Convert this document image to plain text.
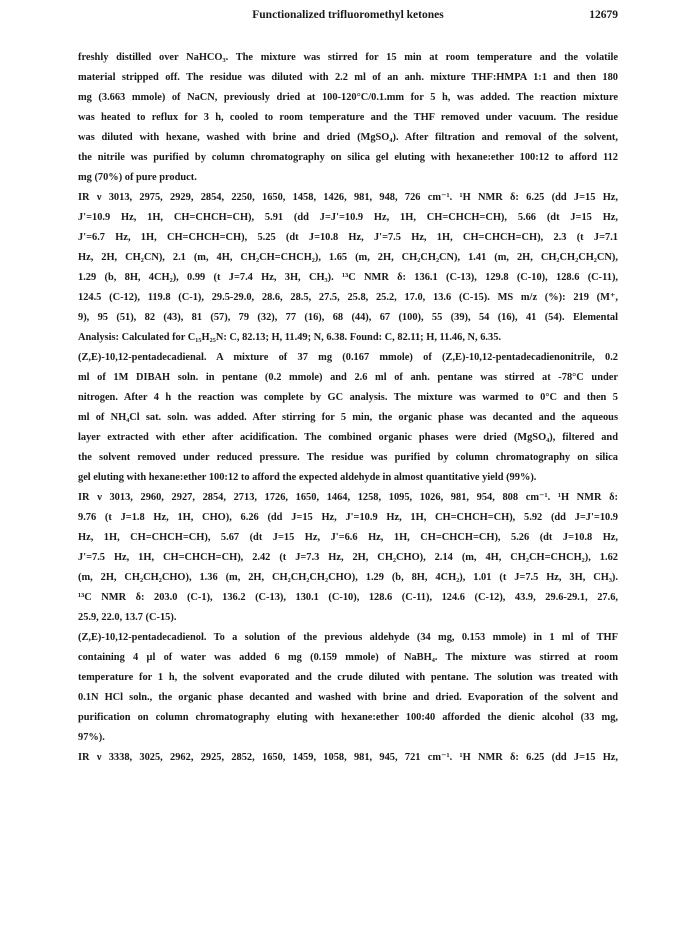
Functionalized trifluoromethyl ketones	12679
freshly distilled over NaHCO₃. The mixture was stirred for 15 min at room temperature and the volatile
material stripped off. The residue was diluted with 2.2 ml of an anh. mixture THF:HMPA 1:1 and then 180
mg (3.663 mmole) of NaCN, previously dried at 100-120°C/0.1.mm for 5 h, was added. The reaction mixture
was heated to reflux for 3 h, cooled to room temperature and the THF removed under vacuum. The residue
was diluted with hexane, washed with brine and dried (MgSO₄). After filtration and removal of the solvent,
the nitrile was purified by column chromatography on silica gel eluting with hexane:ether 100:12 to afford 112
mg (70%) of pure product.
IR ν 3013, 2975, 2929, 2854, 2250, 1650, 1458, 1426, 981, 948, 726 cm⁻¹. ¹H NMR δ: 6.25 (dd J=15 Hz,
J'=10.9 Hz, 1H, CH=CHCH=CH), 5.91 (dd J=J'=10.9 Hz, 1H, CH=CHCH=CH), 5.66 (dt J=15 Hz,
J'=6.7 Hz, 1H, CH=CHCH=CH), 5.25 (dt J=10.8 Hz, J'=7.5 Hz, 1H, CH=CHCH=CH), 2.3 (t J=7.1
Hz, 2H, CH₂CN), 2.1 (m, 4H, CH₂CH=CHCH₂), 1.65 (m, 2H, CH₂CH₂CN), 1.41 (m, 2H, CH₂CH₂CH₂CN),
1.29 (b, 8H, 4CH₂), 0.99 (t J=7.4 Hz, 3H, CH₃). ¹³C NMR δ: 136.1 (C-13), 129.8 (C-10), 128.6 (C-11),
124.5 (C-12), 119.8 (C-1), 29.5-29.0, 28.6, 28.5, 27.5, 25.8, 25.2, 17.0, 13.6 (C-15). MS m/z (%): 219 (M⁺,
9), 95 (51), 82 (43), 81 (57), 79 (32), 77 (16), 68 (44), 67 (100), 55 (39), 54 (16), 41 (54). Elemental
Analysis: Calculated for C₁₅H₂₅N: C, 82.13; H, 11.49; N, 6.38. Found: C, 82.11; H, 11.46, N, 6.35.
(Z,E)-10,12-pentadecadienal. A mixture of 37 mg (0.167 mmole) of (Z,E)-10,12-pentadecadienonitrile, 0.2
ml of 1M DIBAH soln. in pentane (0.2 mmole) and 2.6 ml of anh. pentane was stirred at -78°C under
nitrogen. After 4 h the reaction was complete by GC analysis. The mixture was warmed to 0°C and then 5
ml of NH₄Cl sat. soln. was added. After stirring for 5 min, the organic phase was decanted and the aqueous
layer extracted with ether after acidification. The combined organic phases were dried (MgSO₄), filtered and
the solvent removed under reduced pressure. The residue was purified by column chromatography on silica
gel eluting with hexane:ether 100:12 to afford the expected aldehyde in almost quantitative yield (99%).
IR ν 3013, 2960, 2927, 2854, 2713, 1726, 1650, 1464, 1258, 1095, 1026, 981, 954, 808 cm⁻¹. ¹H NMR δ:
9.76 (t J=1.8 Hz, 1H, CHO), 6.26 (dd J=15 Hz, J'=10.9 Hz, 1H, CH=CHCH=CH), 5.92 (dd J=J'=10.9
Hz, 1H, CH=CHCH=CH), 5.67 (dt J=15 Hz, J'=6.6 Hz, 1H, CH=CHCH=CH), 5.26 (dt J=10.8 Hz,
J'=7.5 Hz, 1H, CH=CHCH=CH), 2.42 (t J=7.3 Hz, 2H, CH₂CHO), 2.14 (m, 4H, CH₂CH=CHCH₂), 1.62
(m, 2H, CH₂CH₂CHO), 1.36 (m, 2H, CH₂CH₂CH₂CHO), 1.29 (b, 8H, 4CH₂), 1.01 (t J=7.5 Hz, 3H, CH₃).
¹³C NMR δ: 203.0 (C-1), 136.2 (C-13), 130.1 (C-10), 128.6 (C-11), 124.6 (C-12), 43.9, 29.6-29.1, 27.6,
25.9, 22.0, 13.7 (C-15).
(Z,E)-10,12-pentadecadienol. To a solution of the previous aldehyde (34 mg, 0.153 mmole) in 1 ml of THF
containing 4 μl of water was added 6 mg (0.159 mmole) of NaBH₄. The mixture was stirred at room
temperature for 1 h, the solvent evaporated and the crude diluted with pentane. The solution was treated with
0.1N HCl soln., the organic phase decanted and washed with brine and dried. Evaporation of the solvent and
purification on column chromatography eluting with hexane:ether 100:40 afforded the dienic alcohol (33 mg,
97%).
IR ν 3338, 3025, 2962, 2925, 2852, 1650, 1459, 1058, 981, 945, 721 cm⁻¹. ¹H NMR δ: 6.25 (dd J=15 Hz,
